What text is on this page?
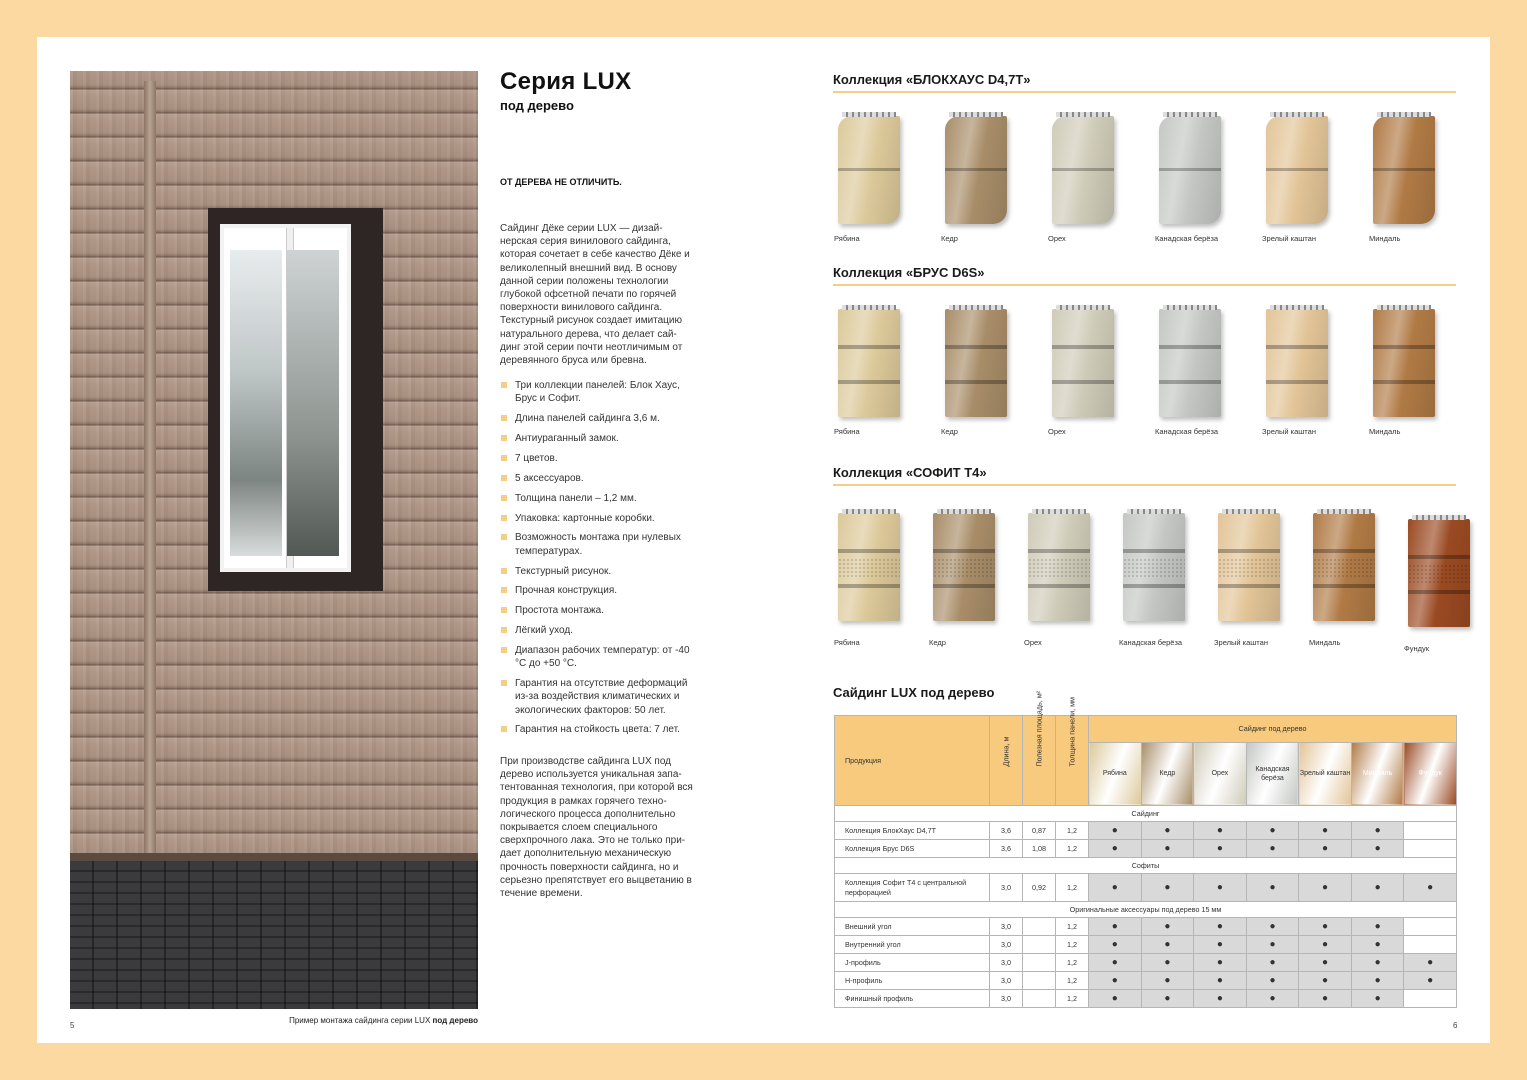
5
Пример монтажа сайдинга серии LUX под дерево
Серия LUX
под дерево
ОТ ДЕРЕВА НЕ ОТЛИЧИТЬ.
Сайдинг Дёке серии LUX — дизай-нерская серия винилового сайдинга, которая сочетает в себе качество Дёке и великолепный внешний вид. В основу данной серии положены технологии глубокой офсетной печати по горячей поверхности винилового сайдинга. Текстурный рисунок создает имитацию натурального дерева, что делает сай-динг этой серии почти неотличимым от деревянного бруса или бревна.
Три коллекции панелей: Блок Хаус, Брус и Софит.
Длина панелей сайдинга 3,6 м.
Антиураганный замок.
7 цветов.
5 аксессуаров.
Толщина панели – 1,2 мм.
Упаковка: картонные коробки.
Возможность монтажа при нулевых температурах.
Текстурный рисунок.
Прочная конструкция.
Простота монтажа.
Лёгкий уход.
Диапазон рабочих температур: от -40 °С до +50 °С.
Гарантия на отсутствие деформаций из-за воздействия климатических и экологических факторов: 50 лет.
Гарантия на стойкость цвета: 7 лет.
При производстве сайдинга LUX под дерево используется уникальная запа-тентованная технология, при которой вся продукция в рамках горячего техно-логического процесса дополнительно покрывается слоем специального сверхпрочного лака. Это не только при-дает дополнительную механическую прочность поверхности сайдинга, но и серьезно препятствует его выцветанию в течение времени.
Коллекция «БЛОКХАУС D4,7T»
Рябина	Кедр	Орех	Канадская берёза	Зрелый каштан	Миндаль
Коллекция «БРУС D6S»
Рябина	Кедр	Орех	Канадская берёза	Зрелый каштан	Миндаль
Коллекция «СОФИТ Т4»
Рябина	Кедр	Орех	Канадская берёза	Зрелый каштан	Миндаль
Фундук
Сайдинг LUX под дерево
Продукция	Длина, м	Полезная площадь, м²	Толщина панели, мм	Сайдинг под дерево						
				Рябина	Кедр	Орех	Канадская берёза	Зрелый каштан	Миндаль	Фундук
Сайдинг										
Коллекция БлокХаус D4,7T	3,6	0,87	1,2	●	●	●	●	●	●	
Коллекция Брус D6S	3,6	1,08	1,2	●	●	●	●	●	●	
Софиты										
Коллекция Софит Т4 с центральной перфорацией	3,0	0,92	1,2	●	●	●	●	●	●	●
Оригинальные аксессуары под дерево 15 мм										
Внешний угол	3,0		1,2	●	●	●	●	●	●	
Внутренний угол	3,0		1,2	●	●	●	●	●	●	
J-профиль	3,0		1,2	●	●	●	●	●	●	●
Н-профиль	3,0		1,2	●	●	●	●	●	●	●
Финишный профиль	3,0		1,2	●	●	●	●	●	●	
6
